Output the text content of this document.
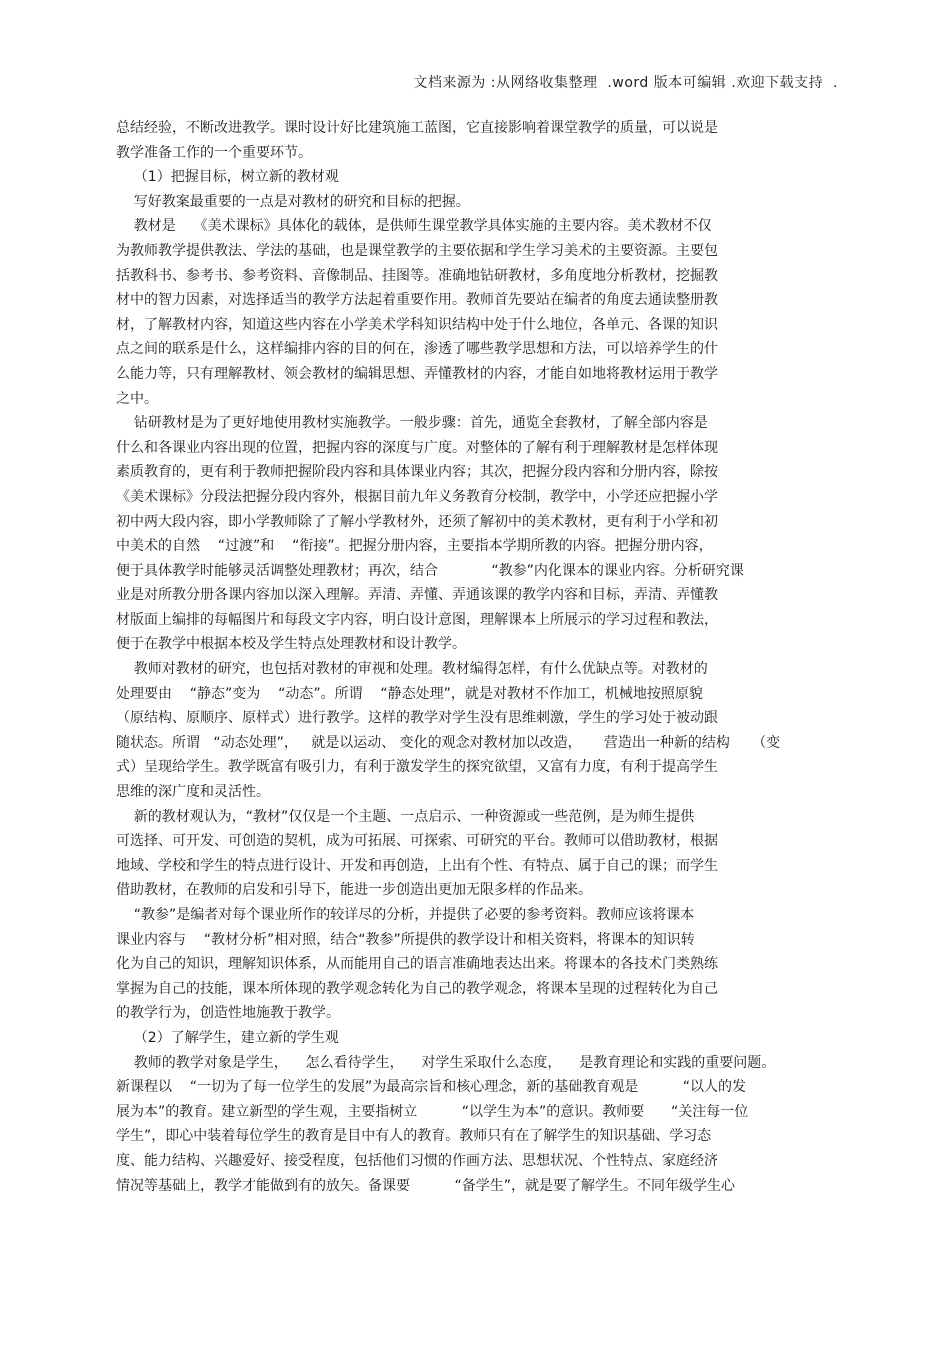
文档来源为 :从网络收集整理  .word 版本可编辑 .欢迎下载支持  .
总结经验，不断改进教学。课时设计好比建筑施工蓝图，它直接影响着课堂教学的质量，可以说是
教学准备工作的一个重要环节。
（1）把握目标，树立新的教材观
写好教案最重要的一点是对教材的研究和目标的把握。
教材是    《美术课标》具体化的载体，是供师生课堂教学具体实施的主要内容。美术教材不仅
为教师教学提供教法、学法的基础，也是课堂教学的主要依据和学生学习美术的主要资源。主要包
括教科书、参考书、参考资料、音像制品、挂图等。准确地钻研教材，多角度地分析教材，挖掘教
材中的智力因素，对选择适当的教学方法起着重要作用。教师首先要站在编者的角度去通读整册教
材，了解教材内容，知道这些内容在小学美术学科知识结构中处于什么地位，各单元、各课的知识
点之间的联系是什么，这样编排内容的目的何在，渗透了哪些教学思想和方法，可以培养学生的什
么能力等，只有理解教材、领会教材的编辑思想、弄懂教材的内容，才能自如地将教材运用于教学
之中。
钻研教材是为了更好地使用教材实施教学。一般步骤：首先，通览全套教材，了解全部内容是
什么和各课业内容出现的位置，把握内容的深度与广度。对整体的了解有利于理解教材是怎样体现
素质教育的，更有利于教师把握阶段内容和具体课业内容；其次，把握分段内容和分册内容，除按
《美术课标》分段法把握分段内容外，根据目前九年义务教育分校制，教学中，小学还应把握小学
初中两大段内容，即小学教师除了了解小学教材外，还须了解初中的美术教材，更有利于小学和初
中美术的自然    “过渡”和    “衔接”。把握分册内容，主要指本学期所教的内容。把握分册内容，
便于具体教学时能够灵活调整处理教材；再次，结合            “教参”内化课本的课业内容。分析研究课
业是对所教分册各课内容加以深入理解。弄清、弄懂、弄通该课的教学内容和目标，弄清、弄懂教
材版面上编排的每幅图片和每段文字内容，明白设计意图，理解课本上所展示的学习过程和教法，
便于在教学中根据本校及学生特点处理教材和设计教学。
教师对教材的研究，也包括对教材的审视和处理。教材编得怎样，有什么优缺点等。对教材的
处理要由    “静态”变为    “动态”。所谓    “静态处理”，就是对教材不作加工，机械地按照原貌
（原结构、原顺序、原样式）进行教学。这样的教学对学生没有思维刺激，学生的学习处于被动跟
随状态。所谓   “动态处理”，   就是以运动、 变化的观念对教材加以改造，     营造出一种新的结构     （变
式）呈现给学生。教学既富有吸引力，有利于激发学生的探究欲望，又富有力度，有利于提高学生
思维的深广度和灵活性。
新的教材观认为，“教材”仅仅是一个主题、一点启示、一种资源或一些范例，是为师生提供
可选择、可开发、可创造的契机，成为可拓展、可探索、可研究的平台。教师可以借助教材，根据
地域、学校和学生的特点进行设计、开发和再创造，上出有个性、有特点、属于自己的课；而学生
借助教材，在教师的启发和引导下，能进一步创造出更加无限多样的作品来。
“教参”是编者对每个课业所作的较详尽的分析，并提供了必要的参考资料。教师应该将课本
课业内容与    “教材分析”相对照，结合“教参”所提供的教学设计和相关资料，将课本的知识转
化为自己的知识，理解知识体系，从而能用自己的语言准确地表达出来。将课本的各技术门类熟练
掌握为自己的技能，课本所体现的教学观念转化为自己的教学观念，将课本呈现的过程转化为自己
的教学行为，创造性地施教于教学。
（2）了解学生，建立新的学生观
教师的教学对象是学生，    怎么看待学生，    对学生采取什么态度，    是教育理论和实践的重要问题。
新课程以    “一切为了每一位学生的发展”为最高宗旨和核心理念，新的基础教育观是          “以人的发
展为本”的教育。建立新型的学生观，主要指树立          “以学生为本”的意识。教师要      “关注每一位
学生”，即心中装着每位学生的教育是目中有人的教育。教师只有在了解学生的知识基础、学习态
度、能力结构、兴趣爱好、接受程度，包括他们习惯的作画方法、思想状况、个性特点、家庭经济
情况等基础上，教学才能做到有的放矢。备课要          “备学生”，就是要了解学生。不同年级学生心
